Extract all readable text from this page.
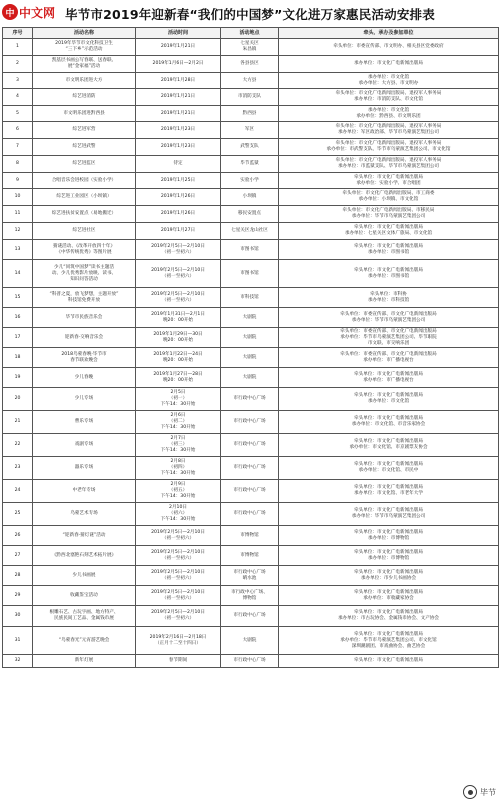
中 中文网 毕节市2019年迎新春“我们的中国梦”文化进万家惠民活动安排表
序号	活动名称	活动时间	活动地点	牵头、承办及参加单位
1	2019年毕节市文化科技卫生
“三下乡”示范活动	2019年1月21日	七星关区
朱昌镇	牵头单位：市委宣传部、市文明办、相关县区党委政府

2	凯基层书画公写春联、送春联、
展“金家福”活动	2019年1月6日—2月2日	各县县区	承办单位：市文化广电新闻出版局

3	市文明乐团进大方	2019年1月28日	大方县	承办单位：市文化馆
承办单位：大方县、市文明办

4	综艺进消防	2019年1月21日	市消防支队	牵头单位：市文化广电新闻出版局、退役军人事务局
承办单位：市消防支队、市文化馆

5	市文明乐团进黔西县	2019年1月21日	黔西县	承办单位：市文化馆
承办单位：黔西县、市文明乐团

6	综艺进军营	2019年1月23日	军区	牵头单位：市文化广电新闻出版局、退役军人事务局
承办单位：军区政治部、毕节市乌蒙演艺集团公司

7	综艺进武警	2019年1月23日	武警支队	牵头单位：市文化广电新闻出版局、退役军人事务局
承办单位：市武警支队、毕节市乌蒙演艺集团公司、市文化馆

8	综艺进监区	待定	毕节监狱	牵头单位：市文化广电新闻出版局、退役军人事务局
承办单位：市监狱支队、毕节市乌蒙演艺集团公司

9	合唱音乐会进校园（实验小学）	2019年1月25日	实验小学	牵头单位：市文化广电新闻出版局
承办单位：实验小学、市合唱团

10	综艺进工业园区（小坝镇）	2019年1月26日	小坝镇	牵头单位：市文化广电新闻出版局、市工商委
承办单位：小坝镇、市文化馆

11	综艺进扶贫安置点（易地搬迁）	2019年1月26日	移民安置点	牵头单位：市文化广电新闻出版局、市移民局
承办单位：毕节市乌蒙演艺集团公司

12	综艺进社区	2019年1月27日	七星关区龙山社区	牵头单位：市文化广电新闻出版局
承办单位：七星关区文体广旅局、市文化馆

13	猜谜活动、《改革开放四十年》
《中华传统优秀》等图片展	2019年2月5日—2月10日
（初一至初六）	市图书馆	牵头单位：市文化广电新闻出版局
承办单位：市图书馆

14	少儿“同筑中国梦”读书主题活
动、少儿优秀影片放映、读书、
知识问答活动	2019年2月5日—2月10日
（初一至初六）	市图书馆	牵头单位：市文化广电新闻出版局
承办单位：市图书馆

15	“科普之夏，放飞梦想，主题开放”
科技馆免费开放	2019年2月5日—2月10日
（初一至初六）	市科技馆	牵头单位：市科协
承办单位：市科技馆

16	毕节市民族音乐会	2019年1月31日—2月1日
晚20：00开始	大剧院	牵头单位：市委宣传部、市文化广电新闻出版局
承办单位：毕节市乌蒙演艺集团公司

17	迎新春·交响音乐会	2019年1月29日—30日
晚20：00开始	大剧院	牵头单位：市委宣传部、市文化广电新闻出版局
承办单位：毕节市乌蒙演艺集团公司、毕节职院
市文联、市交响乐团

18	2018乌蒙春晚·毕节市
春节联欢晚会	2019年1月22日—24日
晚20：00开始	大剧院	牵头单位：市委宣传部、市文化广电新闻出版局
承办单位：市广播电视台

19	少儿春晚	2019年1月27日—28日
晚20：00开始	大剧院	牵头单位：市文化广电新闻出版局
承办单位：市广播电视台

20	少儿专场	2月5日
（初一）
下午14：30开始	市行政中心广场	牵头单位：市文化广电新闻出版局
承办单位：市文化馆

21	曹乐专场	2月6日
（初二）
下午14：30开始	市行政中心广场	牵头单位：市文化广电新闻出版局
承办单位：市文化馆、市音乐家协会

22	戏剧专场	2月7日
（初三）
下午14：30开始	市行政中心广场	牵头单位：市文化广电新闻出版局
承办单位：市文化馆、市京剧票友协会

23	器乐专场	2月8日
（初四）
下午14：30开始	市行政中心广场	牵头单位：市文化广电新闻出版局
承办单位：市文化馆、市民中

24	中老年专场	2月9日
（初五）
下午14：30开始	市行政中心广场	牵头单位：市文化广电新闻出版局
承办单位：市文化馆、市老年大学

25	乌蒙艺术专场	2月10日
（初六）
下午14：30开始	市行政中心广场	牵头单位：市文化广电新闻出版局
承办单位：毕节市乌蒙演艺集团公司

26	“迎新春·猜灯谜”活动	2019年2月5日—2月10日
（初一至初六）	市博物馆	牵头单位：市文化广电新闻出版局
承办单位：市博物馆

27	《黔西北塞艳石刻艺术拓片展》	2019年2月5日—2月10日
（初一至初六）	市博物馆	牵头单位：市文化广电新闻出版局
承办单位：市博物馆

28	少儿书画展	2019年2月5日—2月10日
（初一至初六）	市行政中心广场
晴水池	牵头单位：市文化广电新闻出版局
承办单位：市少儿书画协会

29	收藏鉴宝活动	2019年2月5日—2月10日
（初一至初六）	市行政中心广场、
博物馆	牵头单位：市文化广电新闻出版局
承办单位：市收藏家协会

30	根雕石艺、古玩字画、地方特产、
民族民间工艺品、金属钱币展	2019年2月5日—2月10日
（初一至初六）	市行政中心广场	牵头单位：市文化广电新闻出版局
承办单位：市古玩协会、金属钱币协会、文产协会

31	“乌蒙春光”元宵游艺晚会	2019年2月16日—2月18日
（正月十二至十四日）	大剧院	牵头单位：市文化广电新闻出版局
承办单位：毕节市乌蒙演艺集团公司、市文化馆
深圳潮剧团、市戏曲协会、曲艺协会

32	新年灯展	春节期间	市行政中心广场	牵头单位：市文化广电新闻出版局
毕节
